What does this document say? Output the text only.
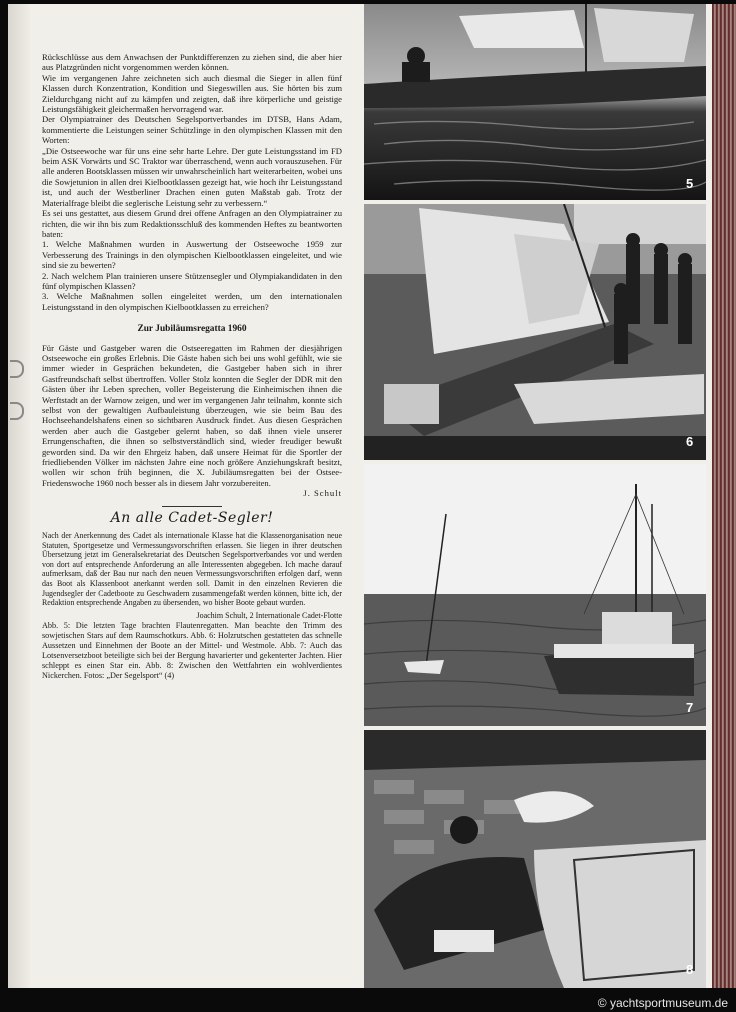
Rückschlüsse aus dem Anwachsen der Punktdifferenzen zu ziehen sind, die aber hier aus Platzgründen nicht vorgenommen werden können.

Wie im vergangenen Jahre zeichneten sich auch diesmal die Sieger in allen fünf Klassen durch Konzentration, Kondition und Siegeswillen aus. Sie hörten bis zum Zieldurchgang nicht auf zu kämpfen und zeigten, daß ihre körperliche und geistige Leistungsfähigkeit gleichermaßen hervorragend war.

Der Olympiatrainer des Deutschen Segelsportverbandes im DTSB, Hans Adam, kommentierte die Leistungen seiner Schützlinge in den olympischen Klassen mit den Worten:

„Die Ostseewoche war für uns eine sehr harte Lehre. Der gute Leistungsstand im FD beim ASK Vorwärts und SC Traktor war überraschend, wenn auch vorauszusehen. Für alle anderen Bootsklassen müssen wir unwahrscheinlich hart weiterarbeiten, wobei uns die Sowjetunion in allen drei Kielbootklassen gezeigt hat, wie hoch ihr Leistungsstand ist, und auch der Westberliner Drachen einen guten Maßstab gab. Trotz der Materialfrage bleibt die seglerische Leistung sehr zu verbessern.“

Es sei uns gestattet, aus diesem Grund drei offene Anfragen an den Olympiatrainer zu richten, die wir ihn bis zum Redaktionsschluß des kommenden Heftes zu beantworten baten:

1. Welche Maßnahmen wurden in Auswertung der Ostseewoche 1959 zur Verbesserung des Trainings in den olympischen Kielbootklassen eingeleitet, und wie sind sie zu bewerten?
2. Nach welchem Plan trainieren unsere Stützensegler und Olympiakandidaten in den fünf olympischen Klassen?
3. Welche Maßnahmen sollen eingeleitet werden, um den internationalen Leistungsstand in den olympischen Kielbootklassen zu erreichen?
Zur Jubiläumsregatta 1960

Für Gäste und Gastgeber waren die Ostseeregatten im Rahmen der diesjährigen Ostseewoche ein großes Erlebnis. Die Gäste haben sich bei uns wohl gefühlt, wie sie immer wieder in Gesprächen bekundeten, die Gastgeber haben sich in ihrer Gastfreundschaft selbst übertroffen. Voller Stolz konnten die Segler der DDR mit den Gästen über ihr Leben sprechen, voller Begeisterung die Einheimischen ihnen die Werftstadt an der Warnow zeigen, und wer im vergangenen Jahr teilnahm, konnte sich selbst von der gewaltigen Aufbauleistung überzeugen, wie sie beim Bau des Hochseehandelshafens einen so sichtbaren Ausdruck findet. Aus diesen Gesprächen werden aber auch die Gastgeber gelernt haben, so daß ihnen viele unserer Errungenschaften, die ihnen so selbstverständlich sind, wieder freudiger bewußt geworden sind. Da wir den Ehrgeiz haben, daß unsere Heimat für die Sportler der friedliebenden Völker im nächsten Jahre eine noch größere Anziehungskraft besitzt, wollen wir schon früh beginnen, die X. Jubiläumsregatten bei der Ostsee-Friedenswoche 1960 noch besser als in diesem Jahr vorzubereiten.

J. Schult
An alle Cadet-Segler!

Nach der Anerkennung des Cadet als internationale Klasse hat die Klassenorganisation neue Statuten, Sportgesetze und Vermessungsvorschriften erlassen. Sie liegen in ihrer deutschen Übersetzung jetzt im Generalsekretariat des Deutschen Segelsportverbandes vor und werden von dort auf entsprechende Anforderung an alle Interessenten abgegeben. Ich mache darauf aufmerksam, daß der Bau nur nach den neuen Vermessungsvorschriften erfolgen darf, wenn das Boot als Klassenboot anerkannt werden soll. Damit in den einzelnen Revieren die Jugendsegler der Cadetboote zu Geschwadern zusammengefaßt werden können, bitte ich, der Redaktion entsprechende Angaben zu übersenden, wo bisher Boote gebaut wurden.

Joachim Schult, 2 Internationale Cadet-Flotte

Abb. 5: Die letzten Tage brachten Flautenregatten. Man beachte den Trimm des sowjetischen Stars auf dem Raumschotkurs. Abb. 6: Holzrutschen gestatteten das schnelle Aussetzen und Einnehmen der Boote an der Mittel- und Westmole. Abb. 7: Auch das Lotsenversetzboot beteiligte sich bei der Bergung havarierter und gekenterter Jachten. Hier schleppt es einen Star ein. Abb. 8: Zwischen den Wettfahrten ein wohlverdientes Nickerchen. Fotos: „Der Segelsport“ (4)

5
6
7
8
© yachtsportmuseum.de
